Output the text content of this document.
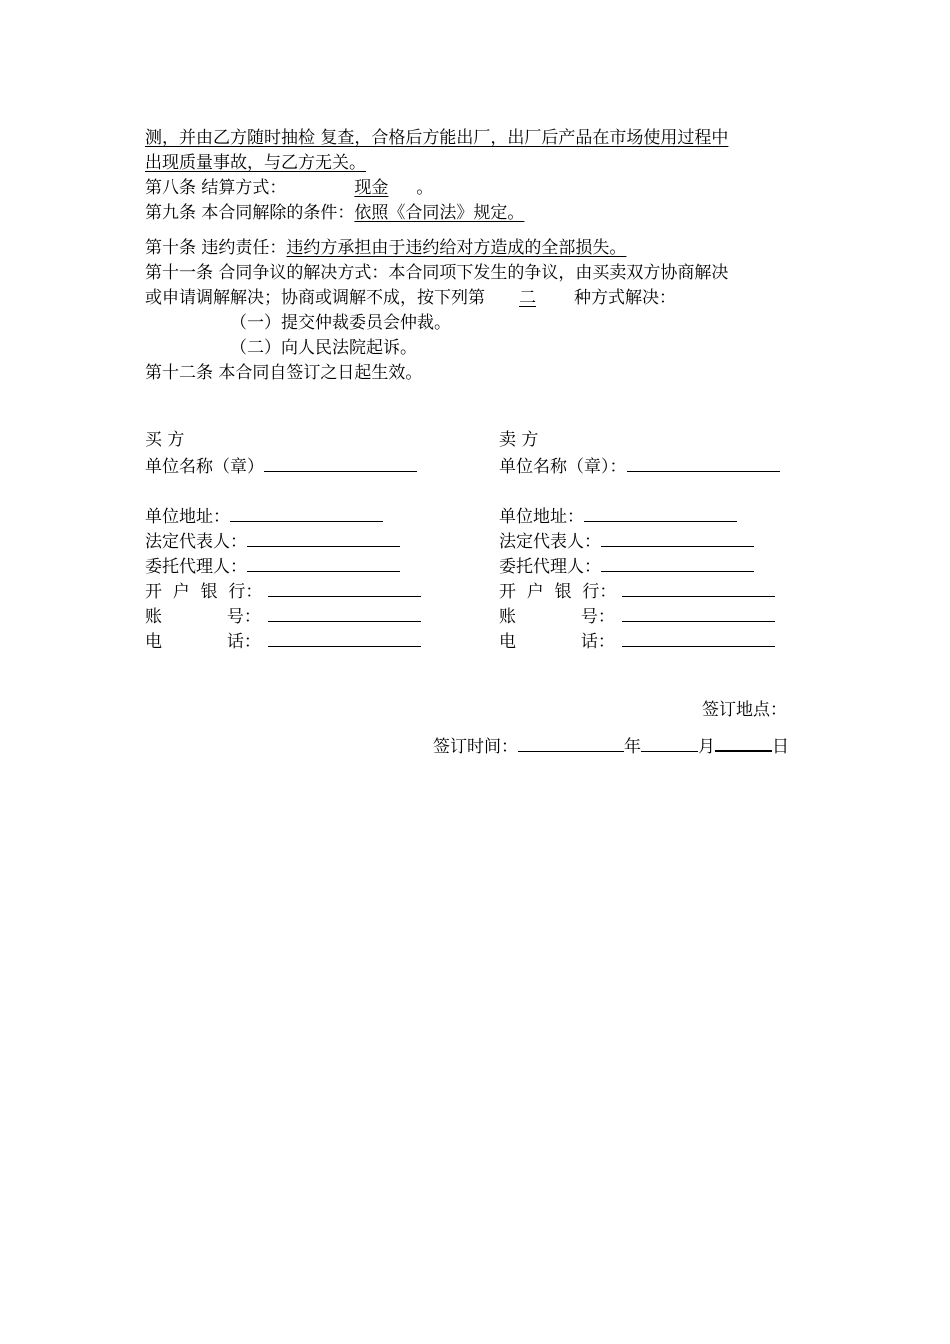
测，并由乙方随时抽检 复查，合格后方能出厂，出厂后产品在市场使用过程中
出现质量事故，与乙方无关。
第八条 结算方式：	现金 。
第九条 本合同解除的条件：依照《合同法》规定。
第十条 违约责任：违约方承担由于违约给对方造成的全部损失。
第十一条 合同争议的解决方式：本合同项下发生的争议，由买卖双方协商解决
或申请调解解决；协商或调解不成，按下列第 二 种方式解决：
（一）提交仲裁委员会仲裁。
（二）向人民法院起诉。
第十二条 本合同自签订之日起生效。
买 方
单位名称（章）
单位地址：
法定代表人：
委托代理人：
开  户  银  行：
账            号：
电            话：
卖 方
单位名称（章）：
单位地址：
法定代表人：
委托代理人：
开  户  银  行：
账            号：
电            话：
签订地点：
签订时间：	年	月	日
